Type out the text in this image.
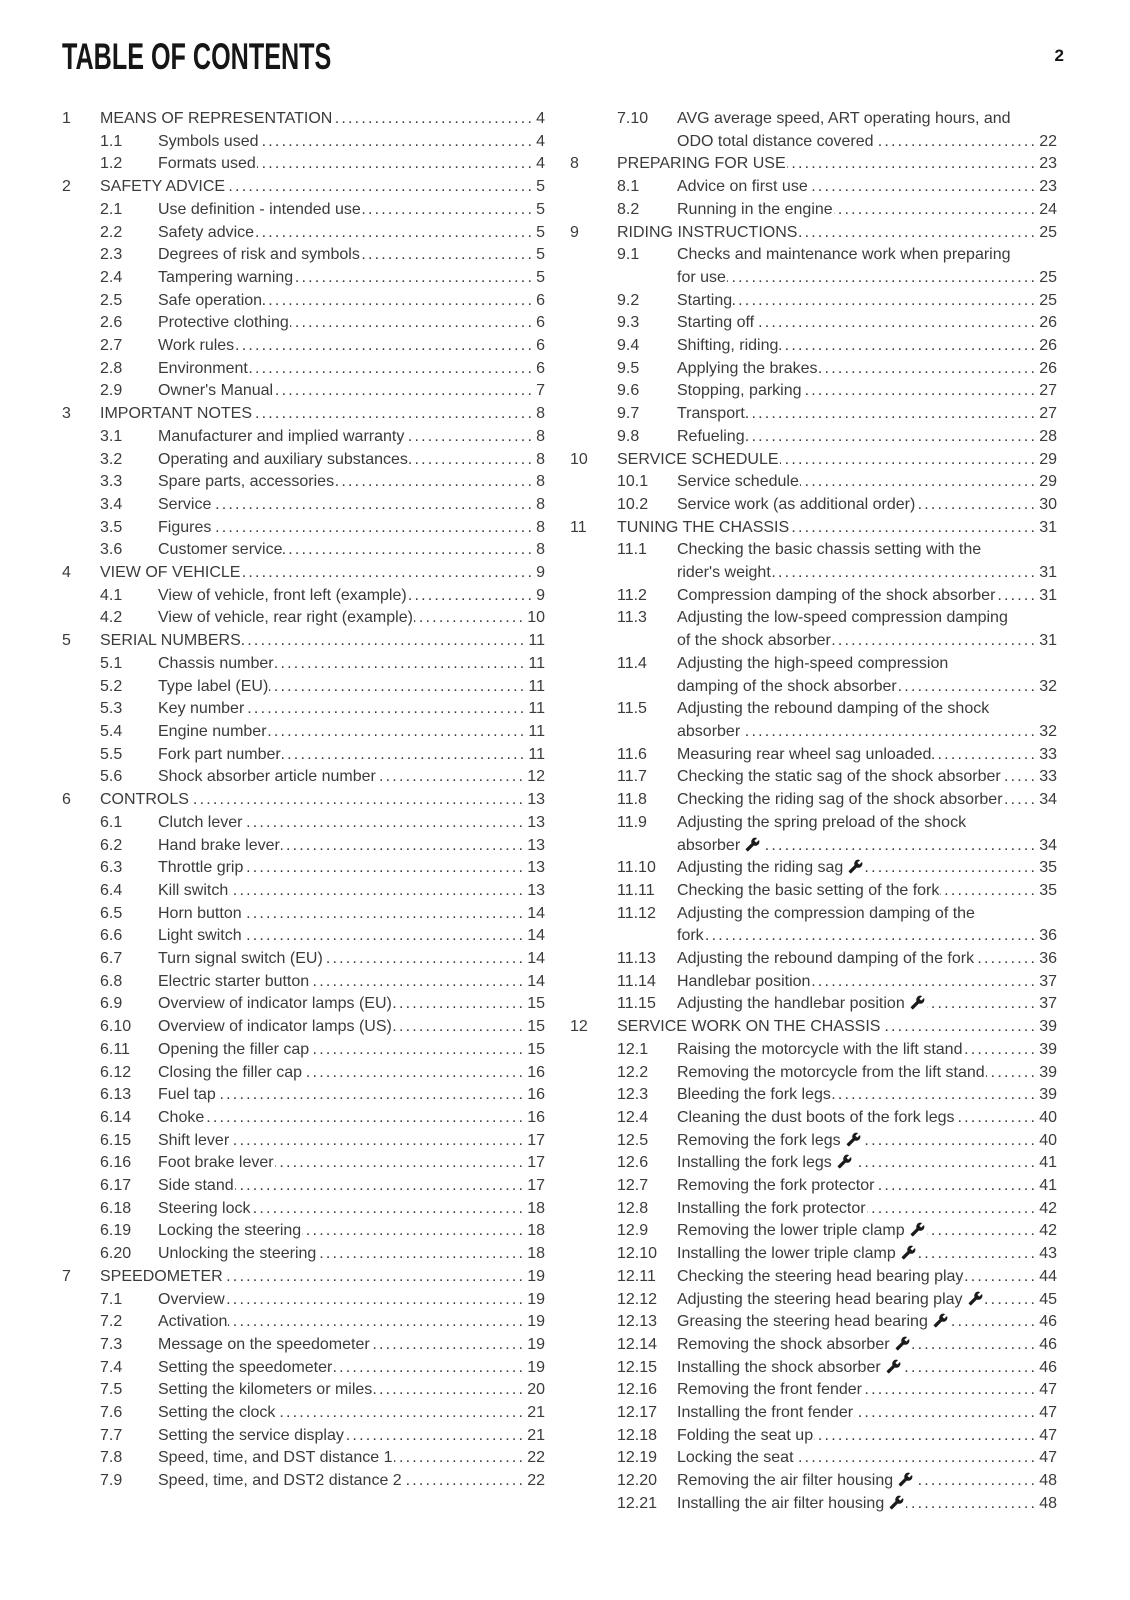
TABLE OF CONTENTS	2
1	MEANS OF REPRESENTATION .....	4
1.1	Symbols used .....	4
1.2	Formats used .....	4
2	SAFETY ADVICE .....	5
2.1	Use definition - intended use .....	5
2.2	Safety advice .....	5
2.3	Degrees of risk and symbols .....	5
2.4	Tampering warning .....	5
2.5	Safe operation .....	6
2.6	Protective clothing .....	6
2.7	Work rules .....	6
2.8	Environment .....	6
2.9	Owner's Manual .....	7
3	IMPORTANT NOTES .....	8
3.1	Manufacturer and implied warranty .....	8
3.2	Operating and auxiliary substances .....	8
3.3	Spare parts, accessories .....	8
3.4	Service .....	8
3.5	Figures .....	8
3.6	Customer service .....	8
4	VIEW OF VEHICLE .....	9
4.1	View of vehicle, front left (example) .....	9
4.2	View of vehicle, rear right (example) .....	10
5	SERIAL NUMBERS .....	11
5.1	Chassis number .....	11
5.2	Type label (EU) .....	11
5.3	Key number .....	11
5.4	Engine number .....	11
5.5	Fork part number .....	11
5.6	Shock absorber article number .....	12
6	CONTROLS .....	13
6.1	Clutch lever .....	13
6.2	Hand brake lever .....	13
6.3	Throttle grip .....	13
6.4	Kill switch .....	13
6.5	Horn button .....	14
6.6	Light switch .....	14
6.7	Turn signal switch (EU) .....	14
6.8	Electric starter button .....	14
6.9	Overview of indicator lamps (EU) .....	15
6.10	Overview of indicator lamps (US) .....	15
6.11	Opening the filler cap .....	15
6.12	Closing the filler cap .....	16
6.13	Fuel tap .....	16
6.14	Choke .....	16
6.15	Shift lever .....	17
6.16	Foot brake lever .....	17
6.17	Side stand .....	17
6.18	Steering lock .....	18
6.19	Locking the steering .....	18
6.20	Unlocking the steering .....	18
7	SPEEDOMETER .....	19
7.1	Overview .....	19
7.2	Activation .....	19
7.3	Message on the speedometer .....	19
7.4	Setting the speedometer .....	19
7.5	Setting the kilometers or miles .....	20
7.6	Setting the clock .....	21
7.7	Setting the service display .....	21
7.8	Speed, time, and DST distance 1 .....	22
7.9	Speed, time, and DST2 distance 2 .....	22
7.10	AVG average speed, ART operating hours, and
ODO total distance covered .....	22
8	PREPARING FOR USE .....	23
8.1	Advice on first use .....	23
8.2	Running in the engine .....	24
9	RIDING INSTRUCTIONS .....	25
9.1	Checks and maintenance work when preparing
for use .....	25
9.2	Starting .....	25
9.3	Starting off .....	26
9.4	Shifting, riding .....	26
9.5	Applying the brakes .....	26
9.6	Stopping, parking .....	27
9.7	Transport .....	27
9.8	Refueling .....	28
10	SERVICE SCHEDULE .....	29
10.1	Service schedule .....	29
10.2	Service work (as additional order) .....	30
11	TUNING THE CHASSIS .....	31
11.1	Checking the basic chassis setting with the
rider's weight .....	31
11.2	Compression damping of the shock absorber .....	31
11.3	Adjusting the low-speed compression damping
of the shock absorber .....	31
11.4	Adjusting the high-speed compression
damping of the shock absorber .....	32
11.5	Adjusting the rebound damping of the shock
absorber .....	32
11.6	Measuring rear wheel sag unloaded .....	33
11.7	Checking the static sag of the shock absorber ..... 33
11.8	Checking the riding sag of the shock absorber ..... 34
11.9	Adjusting the spring preload of the shock
absorber .....	34
11.10	Adjusting the riding sag .....	35
11.11	Checking the basic setting of the fork .....	35
11.12	Adjusting the compression damping of the
fork .....	36
11.13	Adjusting the rebound damping of the fork .....	36
11.14	Handlebar position .....	37
11.15	Adjusting the handlebar position .....	37
12	SERVICE WORK ON THE CHASSIS .....	39
12.1	Raising the motorcycle with the lift stand .....	39
12.2	Removing the motorcycle from the lift stand .....	39
12.3	Bleeding the fork legs .....	39
12.4	Cleaning the dust boots of the fork legs .....	40
12.5	Removing the fork legs .....	40
12.6	Installing the fork legs .....	41
12.7	Removing the fork protector .....	41
12.8	Installing the fork protector .....	42
12.9	Removing the lower triple clamp .....	42
12.10	Installing the lower triple clamp .....	43
12.11	Checking the steering head bearing play .....	44
12.12	Adjusting the steering head bearing play .....	45
12.13	Greasing the steering head bearing .....	46
12.14	Removing the shock absorber .....	46
12.15	Installing the shock absorber .....	46
12.16	Removing the front fender .....	47
12.17	Installing the front fender .....	47
12.18	Folding the seat up .....	47
12.19	Locking the seat .....	47
12.20	Removing the air filter housing .....	48
12.21	Installing the air filter housing .....	48
